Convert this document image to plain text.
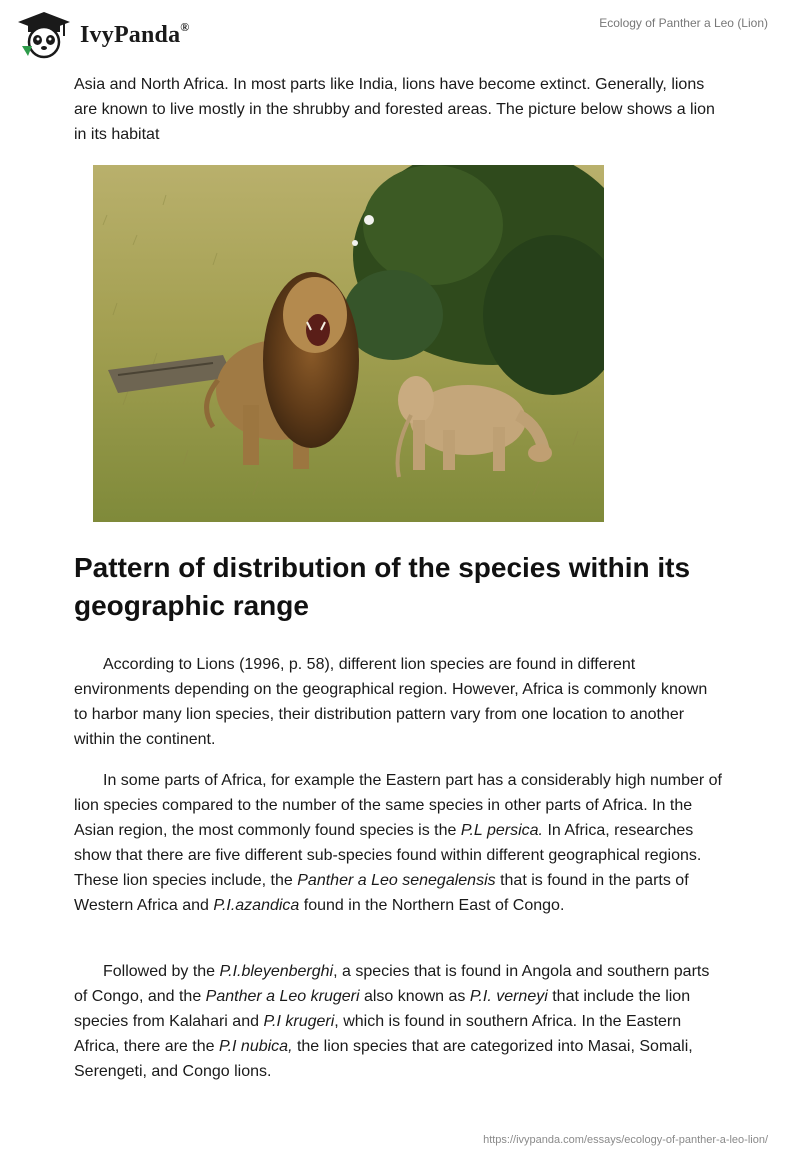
IvyPanda®	Ecology of Panther a Leo (Lion)

Asia and North Africa. In most parts like India, lions have become extinct. Generally, lions are known to live mostly in the shrubby and forested areas. The picture below shows a lion in its habitat

Pattern of distribution of the species within its geographic range

According to Lions (1996, p. 58), different lion species are found in different environments depending on the geographical region. However, Africa is commonly known to harbor many lion species, their distribution pattern vary from one location to another within the continent.

In some parts of Africa, for example the Eastern part has a considerably high number of lion species compared to the number of the same species in other parts of Africa. In the Asian region, the most commonly found species is the P.L persica. In Africa, researches show that there are five different sub-species found within different geographical regions. These lion species include, the Panther a Leo senegalensis that is found in the parts of Western Africa and P.I.azandica found in the Northern East of Congo.

Followed by the P.I.bleyenberghi, a species that is found in Angola and southern parts of Congo, and the Panther a Leo krugeri also known as P.I. verneyi that include the lion species from Kalahari and P.I krugeri, which is found in southern Africa. In the Eastern Africa, there are the P.I nubica, the lion species that are categorized into Masai, Somali, Serengeti, and Congo lions.

https://ivypanda.com/essays/ecology-of-panther-a-leo-lion/
